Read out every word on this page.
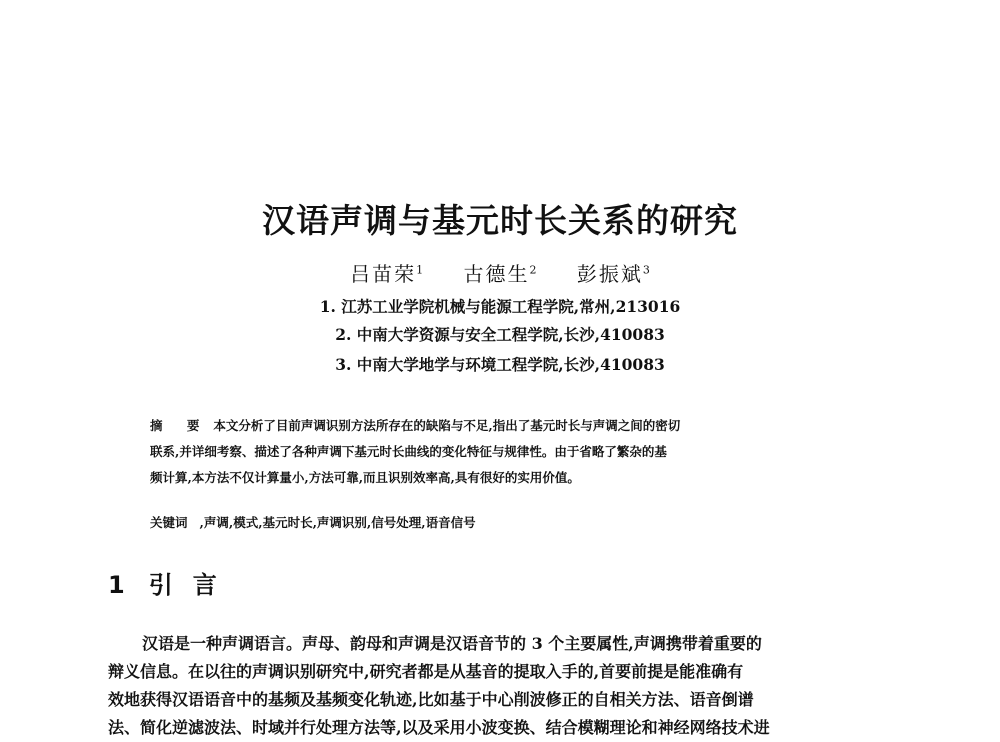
汉语声调与基元时长关系的研究
吕苗荣$^1$ 古德生$^2$ 彭振斌$^3$
1. 江苏工业学院机械与能源工程学院,常州,213016
2. 中南大学资源与安全工程学院,长沙,410083
3. 中南大学地学与环境工程学院,长沙,410083
摘 要 本文分析了目前声调识别方法所存在的缺陷与不足,指出了基元时长与声调之间的密切
联系,并详细考察、描述了各种声调下基元时长曲线的变化特征与规律性。由于省略了繁杂的基
频计算,本方法不仅计算量小,方法可靠,而且识别效率高,具有很好的实用价值。
关键词 ,声调,模式,基元时长,声调识别,信号处理,语音信号
1 引言
汉语是一种声调语言。声母、韵母和声调是汉语音节的 3 个主要属性,声调携带着重要的
辩义信息。在以往的声调识别研究中,研究者都是从基音的提取入手的,首要前提是能准确有
效地获得汉语语音中的基频及基频变化轨迹,比如基于中心削波修正的自相关方法、语音倒谱
法、简化逆滤波法、时域并行处理方法等,以及采用小波变换、结合模糊理论和神经网络技术进
